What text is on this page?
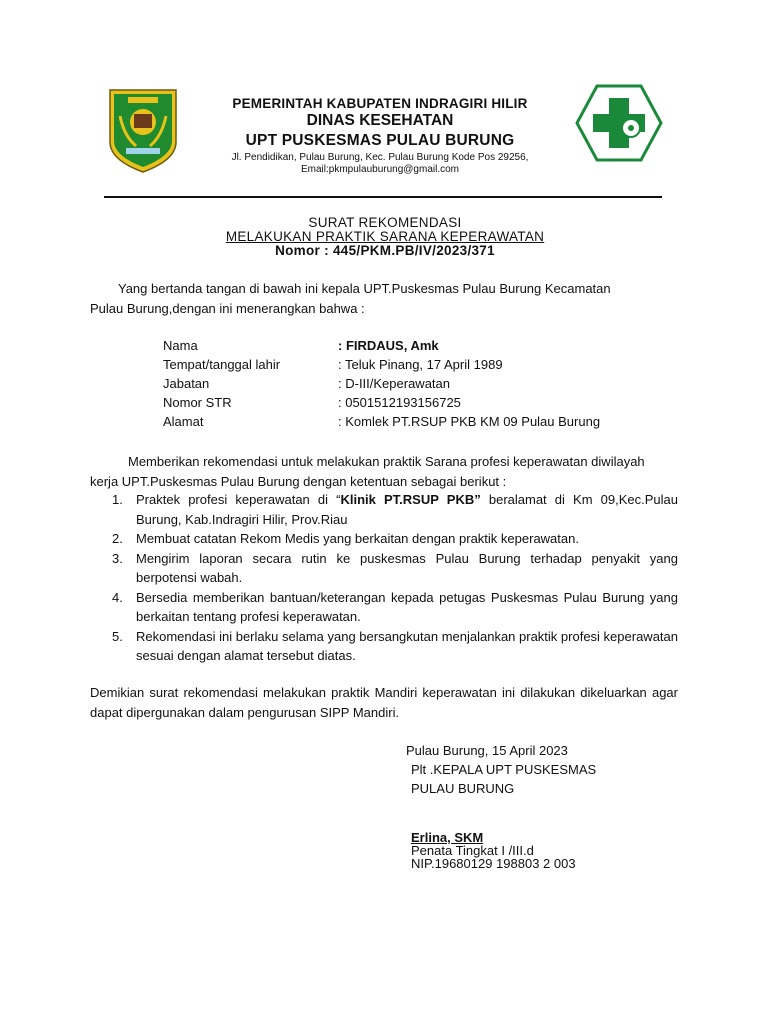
PEMERINTAH KABUPATEN INDRAGIRI HILIR
DINAS KESEHATAN
UPT PUSKESMAS PULAU BURUNG
Jl. Pendidikan, Pulau Burung, Kec. Pulau Burung Kode Pos 29256,
Email:pkmpulauburung@gmail.com
SURAT REKOMENDASI
MELAKUKAN PRAKTIK SARANA KEPERAWATAN
Nomor : 445/PKM.PB/IV/2023/371
Yang bertanda tangan di bawah ini kepala UPT.Puskesmas Pulau Burung Kecamatan
Pulau Burung,dengan ini menerangkan bahwa :
Nama	: FIRDAUS, Amk
Tempat/tanggal lahir	: Teluk Pinang, 17 April 1989
Jabatan	: D-III/Keperawatan
Nomor STR	: 0501512193156725
Alamat	: Komlek PT.RSUP PKB KM 09 Pulau Burung
Memberikan rekomendasi untuk melakukan praktik Sarana profesi keperawatan diwilayah
kerja UPT.Puskesmas Pulau Burung dengan ketentuan sebagai berikut :
1. Praktek profesi keperawatan di “Klinik PT.RSUP PKB” beralamat di Km 09,Kec.Pulau Burung, Kab.Indragiri Hilir, Prov.Riau
2. Membuat catatan Rekom Medis yang berkaitan dengan praktik keperawatan.
3. Mengirim laporan secara rutin ke puskesmas Pulau Burung terhadap penyakit yang berpotensi wabah.
4. Bersedia memberikan bantuan/keterangan kepada petugas Puskesmas Pulau Burung yang berkaitan tentang profesi keperawatan.
5. Rekomendasi ini berlaku selama yang bersangkutan menjalankan praktik profesi keperawatan sesuai dengan alamat tersebut diatas.
Demikian surat rekomendasi melakukan praktik Mandiri keperawatan ini dilakukan dikeluarkan agar dapat dipergunakan dalam pengurusan SIPP Mandiri.
Pulau Burung, 15 April 2023
Plt .KEPALA UPT PUSKESMAS
PULAU BURUNG
Erlina, SKM
Penata Tingkat I /III.d
NIP.19680129 198803 2 003
